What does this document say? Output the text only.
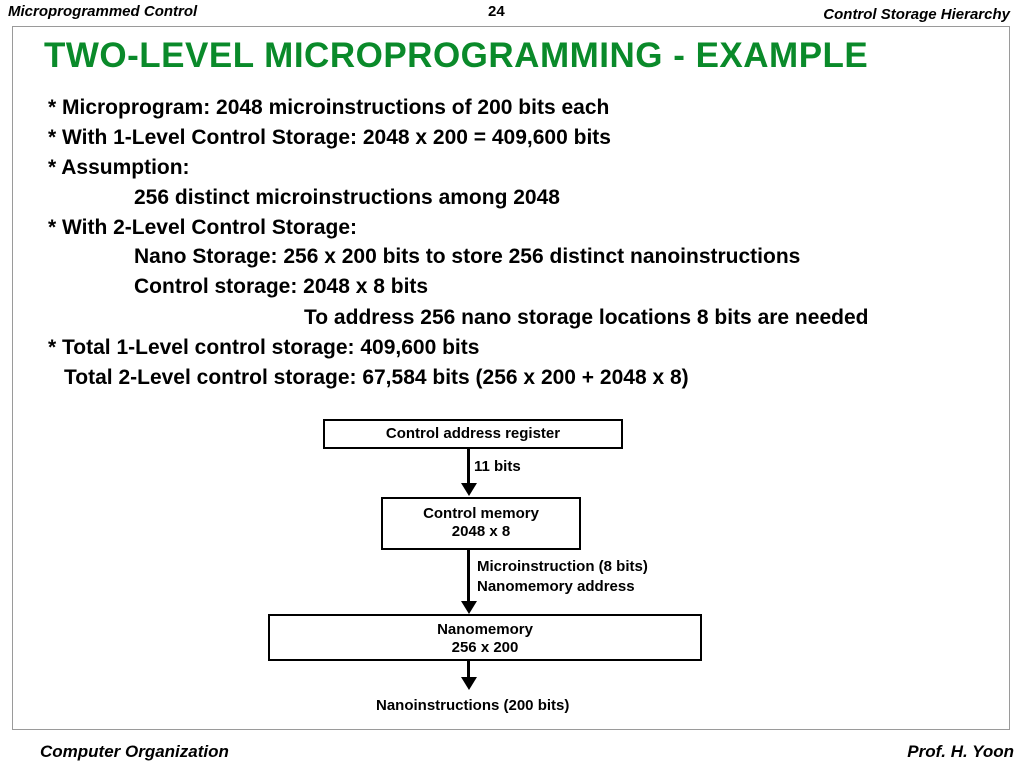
Microprogrammed Control	24	Control Storage Hierarchy
TWO-LEVEL MICROPROGRAMMING - EXAMPLE
* Microprogram: 2048 microinstructions of 200 bits each
* With 1-Level Control Storage: 2048 x 200 = 409,600 bits
* Assumption:
256 distinct microinstructions among 2048
* With 2-Level Control Storage:
Nano Storage: 256 x 200 bits to store 256 distinct nanoinstructions
Control storage: 2048 x 8 bits
To address 256 nano storage locations 8 bits are needed
* Total 1-Level control storage: 409,600 bits
Total 2-Level control storage: 67,584 bits (256 x 200 + 2048 x 8)
Control address register
11 bits
Control memory
2048 x 8
Microinstruction (8 bits)
Nanomemory address
Nanomemory
256 x 200
Nanoinstructions (200 bits)
Computer Organization	Prof. H. Yoon
